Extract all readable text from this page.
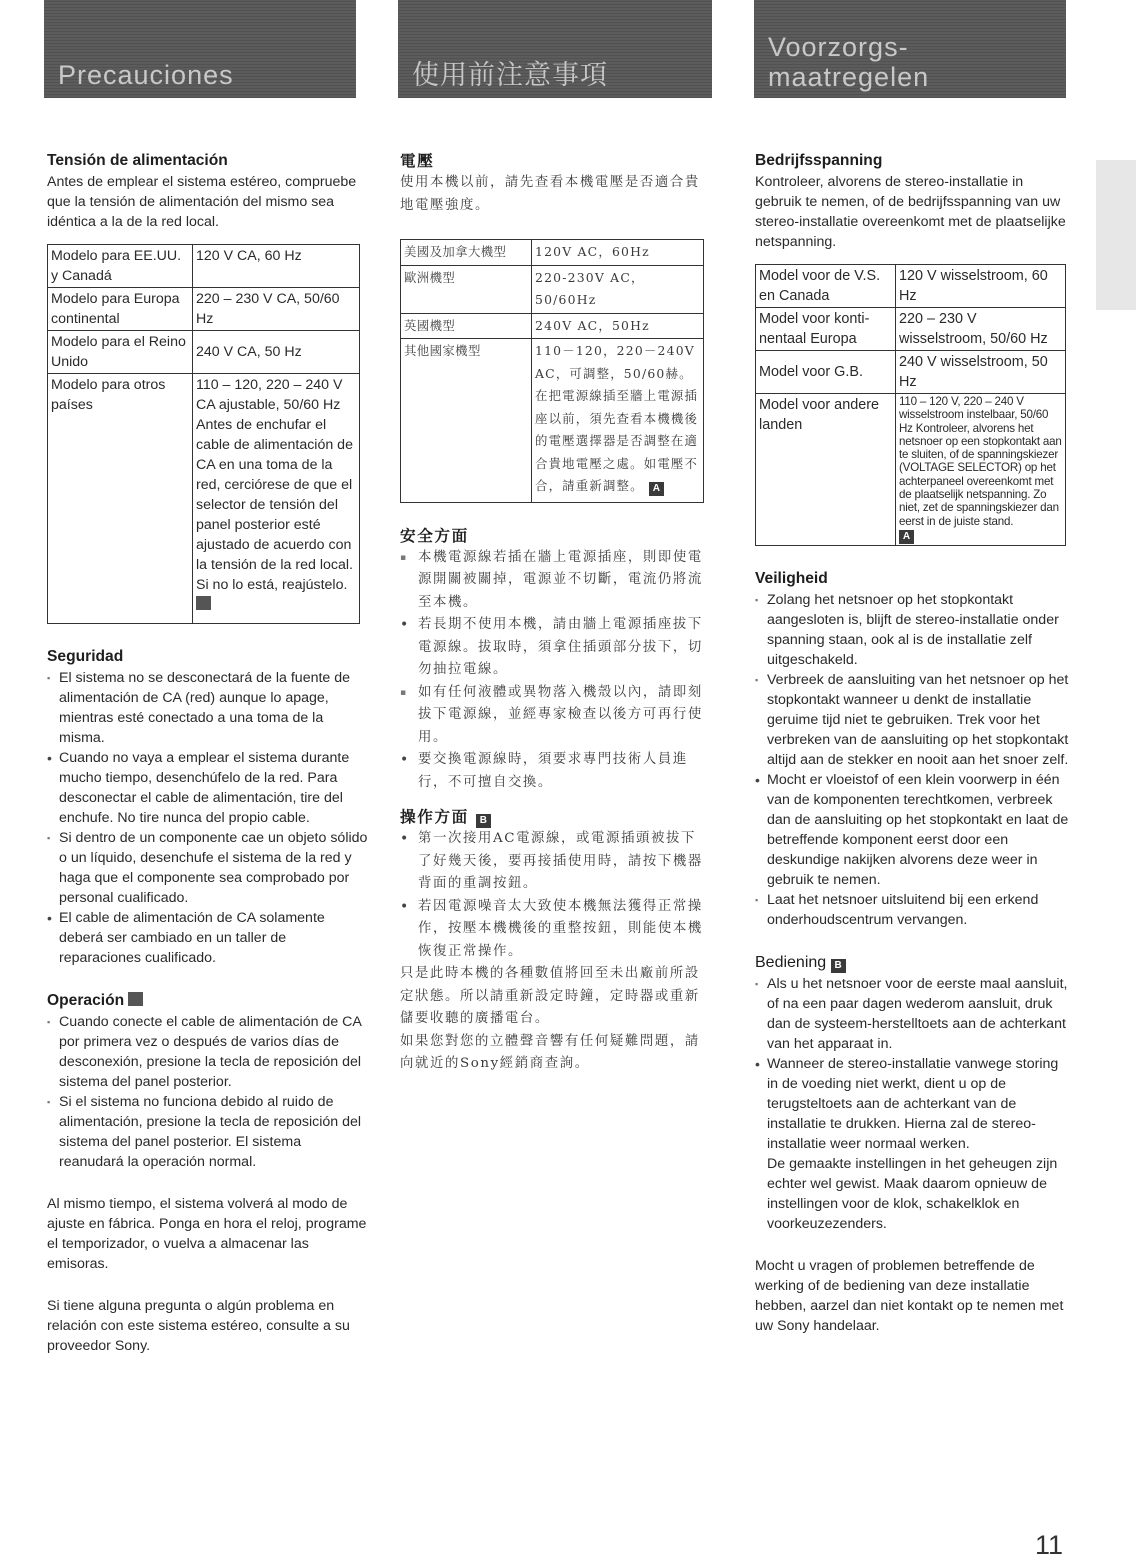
Precauciones	使用前注意事項
Voorzorgs-
maatregelen
Tensión de alimentación

Antes de emplear el sistema estéreo, compruebe que la tensión de alimentación del mismo sea idéntica a la de la red local.

Modelo para EE.UU. y Canadá	120 V CA, 60 Hz
Modelo para Europa continental	220 – 230 V CA, 50/60 Hz
Modelo para el Reino Unido	240 V CA, 50 Hz
Modelo para otros países	110 – 120, 220 – 240 V CA ajustable, 50/60 Hz
Antes de enchufar el cable de alimentación de CA en una toma de la red, cerciórese de que el selector de tensión del panel posterior esté ajustado de acuerdo con la tensión de la red local. Si no lo está, reajústelo.
Seguridad
▪ El sistema no se desconectará de la fuente de alimentación de CA (red) aunque lo apage, mientras esté conectado a una toma de la misma.
• Cuando no vaya a emplear el sistema durante mucho tiempo, desenchúfelo de la red. Para desconectar el cable de alimentación, tire del enchufe. No tire nunca del propio cable.
▪ Si dentro de un componente cae un objeto sólido o un líquido, desenchufe el sistema de la red y haga que el componente sea comprobado por personal cualificado.
• El cable de alimentación de CA solamente deberá ser cambiado en un taller de reparaciones cualificado.
Operación
▪ Cuando conecte el cable de alimentación de CA por primera vez o después de varios días de desconexión, presione la tecla de reposición del sistema del panel posterior.
▪ Si el sistema no funciona debido al ruido de alimentación, presione la tecla de reposición del sistema del panel posterior. El sistema reanudará la operación normal.

Al mismo tiempo, el sistema volverá al modo de ajuste en fábrica. Ponga en hora el reloj, programe el temporizador, o vuelva a almacenar las emisoras.

Si tiene alguna pregunta o algún problema en relación con este sistema estéreo, consulte a su proveedor Sony.

電壓

使用本機以前，請先查看本機電壓是否適合貴地電壓強度。

美國及加拿大機型	120V AC，60Hz
歐洲機型	220-230V AC，50/60Hz
英國機型	240V AC，50Hz
其他國家機型	110－120，220－240V AC，可調整，50/60赫。
在把電源線插至牆上電源插座以前，須先查看本機機後的電壓選擇器是否調整在適合貴地電壓之處。如電壓不合，請重新調整。 A
安全方面
▪ 本機電源線若插在牆上電源插座，則即使電源開關被關掉，電源並不切斷，電流仍將流至本機。
• 若長期不使用本機，請由牆上電源插座拔下電源線。拔取時，須拿住插頭部分拔下，切勿抽拉電線。
▪ 如有任何液體或異物落入機殼以內，請即刻拔下電源線，並經專家檢查以後方可再行使用。
• 要交換電源線時，須要求專門技術人員進行，不可擅自交換。
操作方面 B
• 第一次接用AC電源線，或電源插頭被拔下了好幾天後，要再接插使用時，請按下機器背面的重調按鈕。
• 若因電源噪音太大致使本機無法獲得正常操作，按壓本機機後的重整按鈕，則能使本機恢復正常操作。

只是此時本機的各種數值將回至未出廠前所設定狀態。所以請重新設定時鐘，定時器或重新儲要收聽的廣播電台。

如果您對您的立體聲音響有任何疑難問題，請向就近的Sony經銷商查詢。

Bedrijfsspanning

Kontroleer, alvorens de stereo-installatie in gebruik te nemen, of de bedrijfsspanning van uw stereo-installatie overeenkomt met de plaatselijke netspanning.

Model voor de V.S. en Canada	120 V wisselstroom, 60 Hz
Model voor konti-nentaal Europa	220 – 230 V wisselstroom, 50/60 Hz
Model voor G.B.	240 V wisselstroom, 50 Hz
Model voor andere landen	110 – 120 V, 220 – 240 V wisselstroom instelbaar, 50/60 Hz Kontroleer, alvorens het netsnoer op een stopkontakt aan te sluiten, of de spanningskiezer (VOLTAGE SELECTOR) op het achterpaneel overeenkomt met de plaatselijk netspanning. Zo niet, zet de spanningskiezer dan eerst in de juiste stand.
A
Veiligheid
▪ Zolang het netsnoer op het stopkontakt aangesloten is, blijft de stereo-installatie onder spanning staan, ook al is de installatie zelf uitgeschakeld.
▪ Verbreek de aansluiting van het netsnoer op het stopkontakt wanneer u denkt de installatie geruime tijd niet te gebruiken. Trek voor het verbreken van de aansluiting op het stopkontakt altijd aan de stekker en nooit aan het snoer zelf.
• Mocht er vloeistof of een klein voorwerp in één van de komponenten terechtkomen, verbreek dan de aansluiting op het stopkontakt en laat de betreffende komponent eerst door een deskundige nakijken alvorens deze weer in gebruik te nemen.
▪ Laat het netsnoer uitsluitend bij een erkend onderhoudscentrum vervangen.
Bediening B
▪ Als u het netsnoer voor de eerste maal aansluit, of na een paar dagen wederom aansluit, druk dan de systeem-herstelltoets aan de achterkant van het apparaat in.
• Wanneer de stereo-installatie vanwege storing in de voeding niet werkt, dient u op de terugsteltoets aan de achterkant van de installatie te drukken. Hierna zal de stereo-installatie weer normaal werken.
De gemaakte instellingen in het geheugen zijn echter wel gewist. Maak daarom opnieuw de instellingen voor de klok, schakelklok en voorkeuzezenders.

Mocht u vragen of problemen betreffende de werking of de bediening van deze installatie hebben, aarzel dan niet kontakt op te nemen met uw Sony handelaar.

11
